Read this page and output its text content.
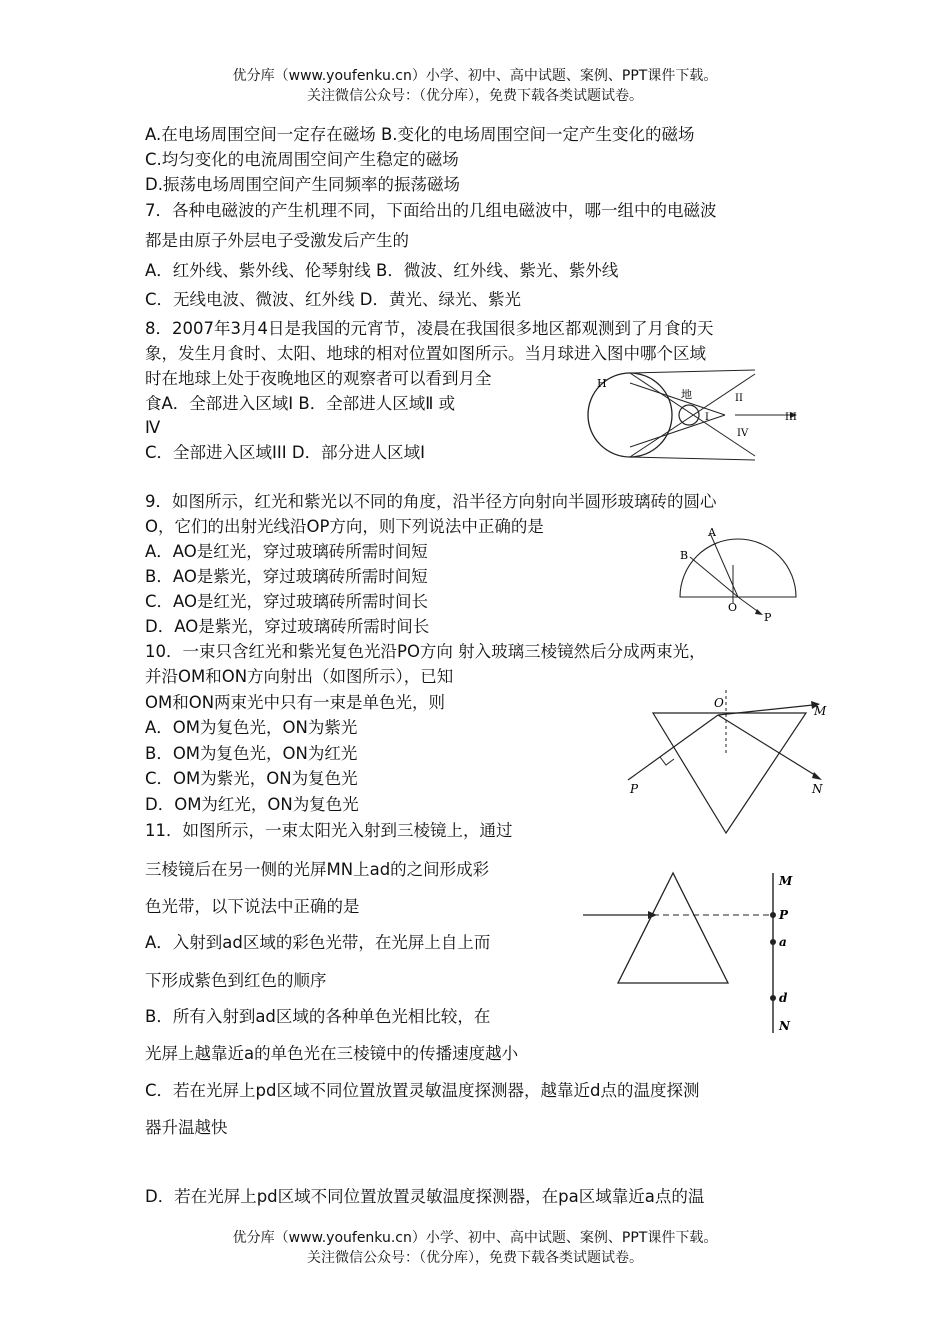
优分库（www.youfenku.cn）小学、初中、高中试题、案例、PPT课件下载。
关注微信公众号：（优分库），免费下载各类试题试卷。
A.在电场周围空间一定存在磁场 B.变化的电场周围空间一定产生变化的磁场
C.均匀变化的电流周围空间产生稳定的磁场
D.振荡电场周围空间产生同频率的振荡磁场
7．各种电磁波的产生机理不同，下面给出的几组电磁波中，哪一组中的电磁波
都是由原子外层电子受激发后产生的
A．红外线、紫外线、伦琴射线 B．微波、红外线、紫光、紫外线
C．无线电波、微波、红外线 D．黄光、绿光、紫光
8．2007年3月4日是我国的元宵节，凌晨在我国很多地区都观测到了月食的天
象，发生月食时、太阳、地球的相对位置如图所示。当月球进入图中哪个区域
时在地球上处于夜晚地区的观察者可以看到月全
食A．全部进入区域Ⅰ B．全部进人区域Ⅱ 或
Ⅳ
C．全部进入区域III D．部分进人区域Ⅰ
9．如图所示，红光和紫光以不同的角度，沿半径方向射向半圆形玻璃砖的圆心
O，它们的出射光线沿OP方向，则下列说法中正确的是
A．AO是红光，穿过玻璃砖所需时间短
B．AO是紫光，穿过玻璃砖所需时间短
C．AO是红光，穿过玻璃砖所需时间长
D．AO是紫光，穿过玻璃砖所需时间长
10．一束只含红光和紫光复色光沿PO方向 射入玻璃三棱镜然后分成两束光，
并沿OM和ON方向射出（如图所示），已知
OM和ON两束光中只有一束是单色光，则
A．OM为复色光，ON为紫光
B．OM为复色光，ON为红光
C．OM为紫光，ON为复色光
D．OM为红光，ON为复色光
11．如图所示，一束太阳光入射到三棱镜上，通过
三棱镜后在另一侧的光屏MN上ad的之间形成彩
色光带，以下说法中正确的是
A．入射到ad区域的彩色光带，在光屏上自上而
下形成紫色到红色的顺序
B．所有入射到ad区域的各种单色光相比较，在
光屏上越靠近a的单色光在三棱镜中的传播速度越小
C．若在光屏上pd区域不同位置放置灵敏温度探测器，越靠近d点的温度探测
器升温越快
D．若在光屏上pd区域不同位置放置灵敏温度探测器，在pa区域靠近a点的温
H
地
I
II
III
IV
A
B
O
P
O
M
P	N
M
P
a
d
N
优分库（www.youfenku.cn）小学、初中、高中试题、案例、PPT课件下载。
关注微信公众号：（优分库），免费下载各类试题试卷。
